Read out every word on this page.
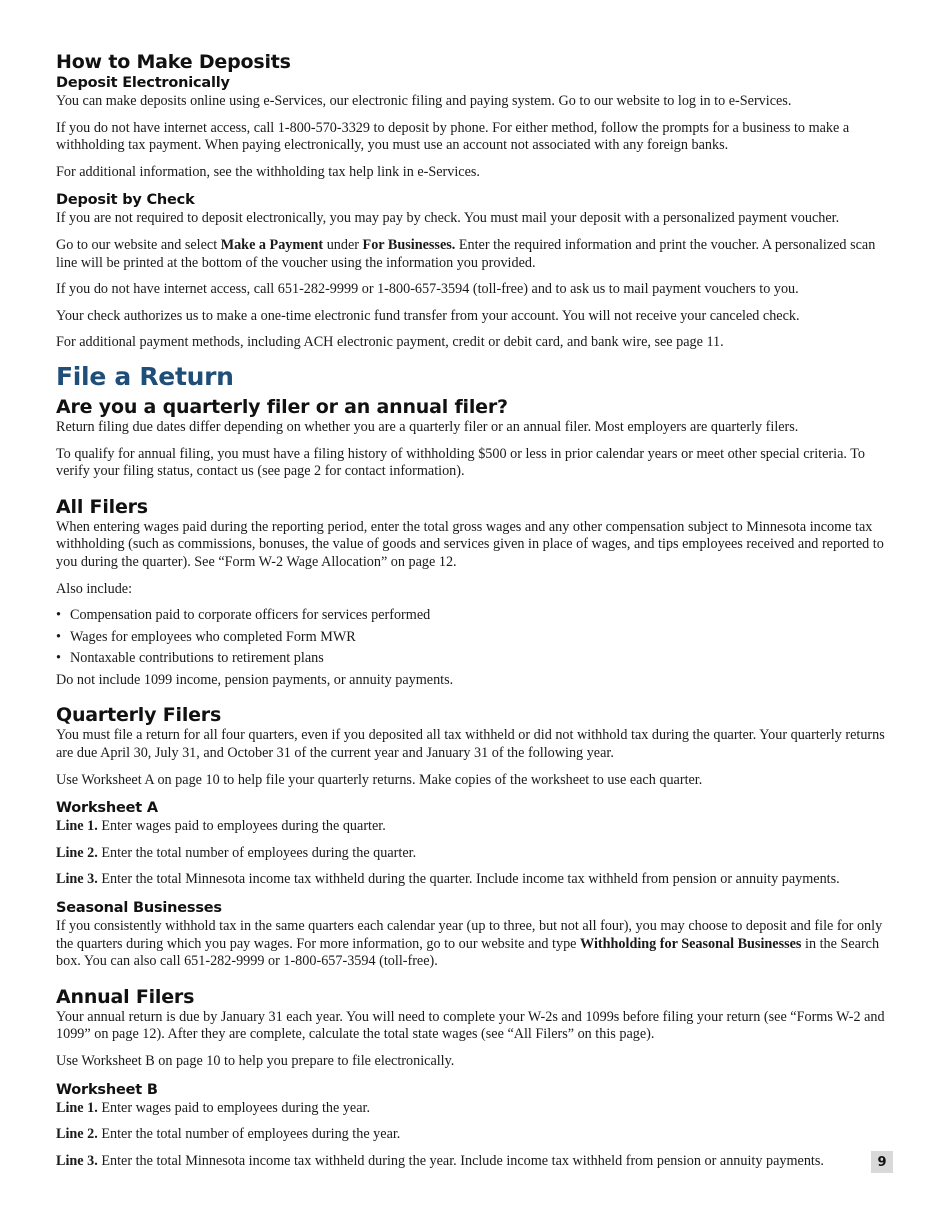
How to Make Deposits
Deposit Electronically

You can make deposits online using e-Services, our electronic filing and paying system. Go to our website to log in to e-Services.

If you do not have internet access, call 1-800-570-3329 to deposit by phone. For either method, follow the prompts for a business to make a withholding tax payment. When paying electronically, you must use an account not associated with any foreign banks.

For additional information, see the withholding tax help link in e-Services.

Deposit by Check

If you are not required to deposit electronically, you may pay by check. You must mail your deposit with a personalized payment voucher.

Go to our website and select Make a Payment under For Businesses. Enter the required information and print the voucher. A personalized scan line will be printed at the bottom of the voucher using the information you provided.

If you do not have internet access, call 651-282-9999 or 1-800-657-3594 (toll-free) and to ask us to mail payment vouchers to you.

Your check authorizes us to make a one-time electronic fund transfer from your account. You will not receive your canceled check.

For additional payment methods, including ACH electronic payment, credit or debit card, and bank wire, see page 11.

File a Return
Are you a quarterly filer or an annual filer?

Return filing due dates differ depending on whether you are a quarterly filer or an annual filer. Most employers are quarterly filers.

To qualify for annual filing, you must have a filing history of withholding $500 or less in prior calendar years or meet other special criteria. To verify your filing status, contact us (see page 2 for contact information).

All Filers

When entering wages paid during the reporting period, enter the total gross wages and any other compensation subject to Minnesota income tax withholding (such as commissions, bonuses, the value of goods and services given in place of wages, and tips employees received and reported to you during the quarter). See “Form W-2 Wage Allocation” on page 12.

Also include:

• Compensation paid to corporate officers for services performed
• Wages for employees who completed Form MWR
• Nontaxable contributions to retirement plans

Do not include 1099 income, pension payments, or annuity payments.

Quarterly Filers

You must file a return for all four quarters, even if you deposited all tax withheld or did not withhold tax during the quarter. Your quarterly returns are due April 30, July 31, and October 31 of the current year and January 31 of the following year.

Use Worksheet A on page 10 to help file your quarterly returns. Make copies of the worksheet to use each quarter.

Worksheet A

Line 1. Enter wages paid to employees during the quarter.

Line 2. Enter the total number of employees during the quarter.

Line 3. Enter the total Minnesota income tax withheld during the quarter. Include income tax withheld from pension or annuity payments.

Seasonal Businesses

If you consistently withhold tax in the same quarters each calendar year (up to three, but not all four), you may choose to deposit and file for only the quarters during which you pay wages. For more information, go to our website and type Withholding for Seasonal Businesses in the Search box. You can also call 651-282-9999 or 1-800-657-3594 (toll-free).

Annual Filers

Your annual return is due by January 31 each year. You will need to complete your W-2s and 1099s before filing your return (see “Forms W-2 and 1099” on page 12). After they are complete, calculate the total state wages (see “All Filers” on this page).

Use Worksheet B on page 10 to help you prepare to file electronically.

Worksheet B

Line 1. Enter wages paid to employees during the year.

Line 2. Enter the total number of employees during the year.

Line 3. Enter the total Minnesota income tax withheld during the year. Include income tax withheld from pension or annuity payments.	9
